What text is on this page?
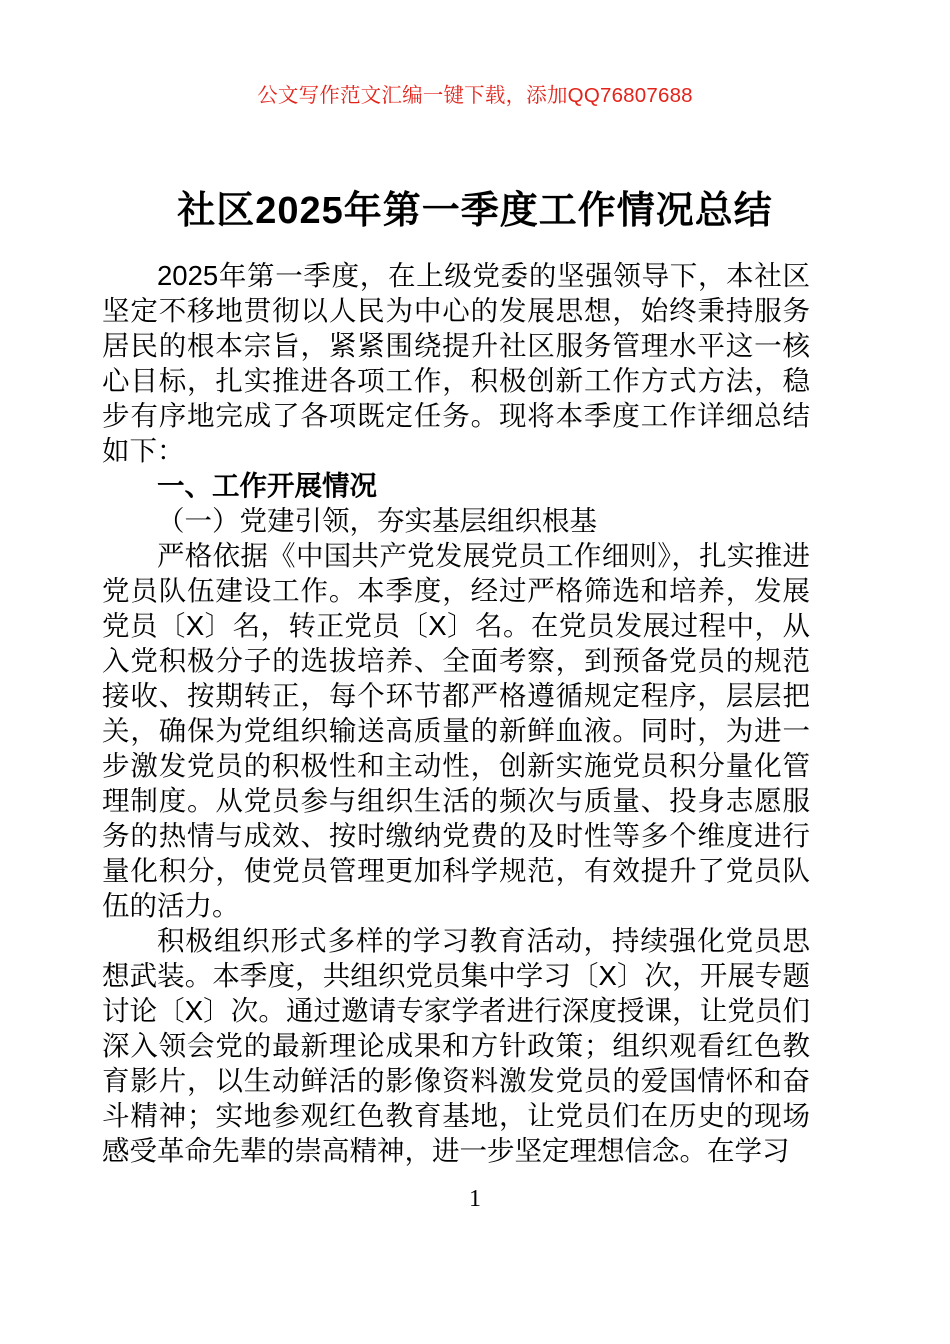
公文写作范文汇编一键下载，添加QQ76807688
社区2025年第一季度工作情况总结

2025年第一季度，在上级党委的坚强领导下，本社区坚定不移地贯彻以人民为中心的发展思想，始终秉持服务居民的根本宗旨，紧紧围绕提升社区服务管理水平这一核心目标，扎实推进各项工作，积极创新工作方式方法，稳步有序地完成了各项既定任务。现将本季度工作详细总结如下：

一、工作开展情况

（一）党建引领，夯实基层组织根基

严格依据《中国共产党发展党员工作细则》，扎实推进党员队伍建设工作。本季度，经过严格筛选和培养，发展党员〔X〕名，转正党员〔X〕名。在党员发展过程中，从入党积极分子的选拔培养、全面考察，到预备党员的规范接收、按期转正，每个环节都严格遵循规定程序，层层把关，确保为党组织输送高质量的新鲜血液。同时，为进一步激发党员的积极性和主动性，创新实施党员积分量化管理制度。从党员参与组织生活的频次与质量、投身志愿服务的热情与成效、按时缴纳党费的及时性等多个维度进行量化积分，使党员管理更加科学规范，有效提升了党员队伍的活力。

积极组织形式多样的学习教育活动，持续强化党员思想武装。本季度，共组织党员集中学习〔X〕次，开展专题讨论〔X〕次。通过邀请专家学者进行深度授课，让党员们深入领会党的最新理论成果和方针政策；组织观看红色教育影片，以生动鲜活的影像资料激发党员的爱国情怀和奋斗精神；实地参观红色教育基地，让党员们在历史的现场感受革命先辈的崇高精神，进一步坚定理想信念。在学习

1
